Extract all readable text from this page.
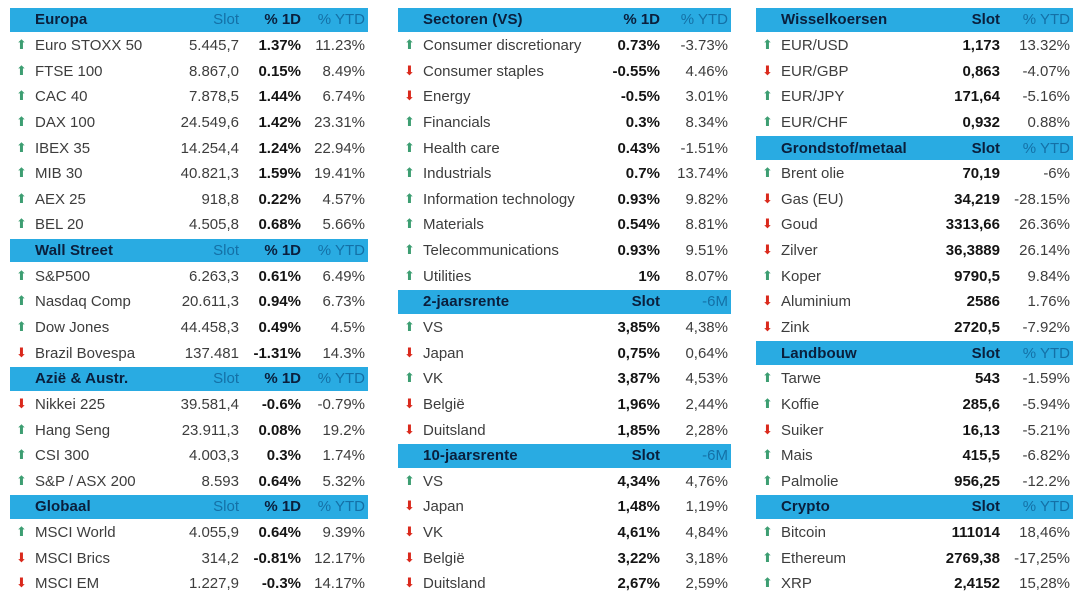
Europa	Slot	% 1D	% YTD
⬆ Euro STOXX 50	5.445,7	1.37% 11.23%
⬆ FTSE 100	8.867,0	0.15%	8.49%
⬆ CAC 40	7.878,5	1.44%	6.74%
⬆ DAX 100	24.549,6	1.42% 23.31%
⬆ IBEX 35	14.254,4	1.24% 22.94%
⬆ MIB 30	40.821,3	1.59% 19.41%
⬆ AEX 25	918,8	0.22%	4.57%
⬆ BEL 20	4.505,8	0.68%	5.66%
Wall Street	Slot	% 1D	% YTD
⬆ S&P500	6.263,3	0.61%	6.49%
⬆ Nasdaq Comp	20.611,3	0.94%	6.73%
⬆ Dow Jones	44.458,3	0.49%	4.5%
⬇ Brazil Bovespa	137.481 -1.31%	14.3%
Azië & Austr.	Slot	% 1D	% YTD
⬇ Nikkei 225	39.581,4	-0.6%	-0.79%
⬆ Hang Seng	23.911,3	0.08%	19.2%
⬆ CSI 300	4.003,3	0.3%	1.74%
⬆ S&P / ASX 200	8.593	0.64%	5.32%
Globaal	Slot	% 1D	% YTD
⬆ MSCI World	4.055,9	0.64%	9.39%
⬇ MSCI Brics	314,2 -0.81% 12.17%
⬇ MSCI EM	1.227,9	-0.3% 14.17%
Sectoren (VS)	% 1D	% YTD
⬆ Consumer discretionary	0.73%	-3.73%
⬇ Consumer staples	-0.55%	4.46%
⬇ Energy	-0.5%	3.01%
⬆ Financials	0.3%	8.34%
⬆ Health care	0.43%	-1.51%
⬆ Industrials	0.7%	13.74%
⬆ Information technology	0.93%	9.82%
⬆ Materials	0.54%	8.81%
⬆ Telecommunications	0.93%	9.51%
⬆ Utilities	1%	8.07%
2-jaarsrente	Slot	-6M
⬆ VS	3,85%	4,38%
⬇ Japan	0,75%	0,64%
⬆ VK	3,87%	4,53%
⬇ België	1,96%	2,44%
⬇ Duitsland	1,85%	2,28%
10-jaarsrente	Slot	-6M
⬆ VS	4,34%	4,76%
⬇ Japan	1,48%	1,19%
⬇ VK	4,61%	4,84%
⬇ België	3,22%	3,18%
⬇ Duitsland	2,67%	2,59%
Wisselkoersen	Slot	% YTD
⬆ EUR/USD	1,173	13.32%
⬇ EUR/GBP	0,863	-4.07%
⬆ EUR/JPY	171,64	-5.16%
⬆ EUR/CHF	0,932	0.88%
Grondstof/metaal	Slot	% YTD
⬆ Brent olie	70,19	-6%
⬇ Gas (EU)	34,219 -28.15%
⬇ Goud	3313,66	26.36%
⬇ Zilver	36,3889	26.14%
⬆ Koper	9790,5	9.84%
⬇ Aluminium	2586	1.76%
⬇ Zink	2720,5	-7.92%
Landbouw	Slot	% YTD
⬆ Tarwe	543	-1.59%
⬆ Koffie	285,6	-5.94%
⬇ Suiker	16,13	-5.21%
⬆ Mais	415,5	-6.82%
⬆ Palmolie	956,25	-12.2%
Crypto	Slot	% YTD
⬆ Bitcoin	111014	18,46%
⬆ Ethereum	2769,38 -17,25%
⬆ XRP	2,4152	15,28%
